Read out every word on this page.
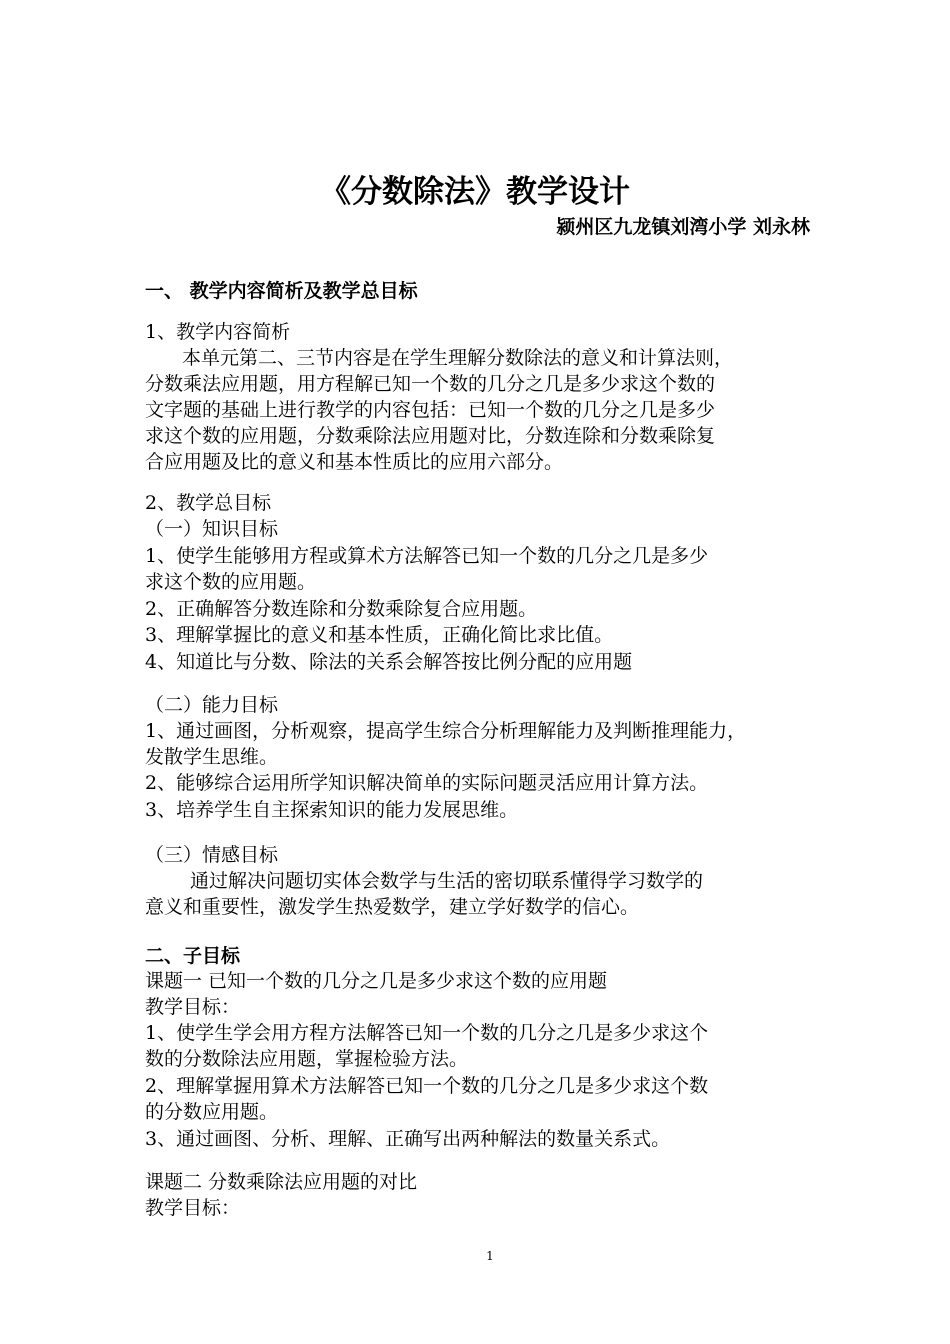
《分数除法》教学设计
颍州区九龙镇刘湾小学 刘永林
一、 教学内容简析及教学总目标
1、教学内容简析
本单元第二、三节内容是在学生理解分数除法的意义和计算法则，
分数乘法应用题，用方程解已知一个数的几分之几是多少求这个数的
文字题的基础上进行教学的内容包括：已知一个数的几分之几是多少
求这个数的应用题，分数乘除法应用题对比，分数连除和分数乘除复
合应用题及比的意义和基本性质比的应用六部分。
2、教学总目标
（一）知识目标
1、使学生能够用方程或算术方法解答已知一个数的几分之几是多少
求这个数的应用题。
2、正确解答分数连除和分数乘除复合应用题。
3、理解掌握比的意义和基本性质，正确化简比求比值。
4、知道比与分数、除法的关系会解答按比例分配的应用题
（二）能力目标
1、通过画图，分析观察，提高学生综合分析理解能力及判断推理能力，
发散学生思维。
2、能够综合运用所学知识解决简单的实际问题灵活应用计算方法。
3、培养学生自主探索知识的能力发展思维。
（三）情感目标
通过解决问题切实体会数学与生活的密切联系懂得学习数学的
意义和重要性，激发学生热爱数学，建立学好数学的信心。
二、子目标
课题一 已知一个数的几分之几是多少求这个数的应用题
教学目标：
1、使学生学会用方程方法解答已知一个数的几分之几是多少求这个
数的分数除法应用题，掌握检验方法。
2、理解掌握用算术方法解答已知一个数的几分之几是多少求这个数
的分数应用题。
3、通过画图、分析、理解、正确写出两种解法的数量关系式。
课题二 分数乘除法应用题的对比
教学目标：
1
